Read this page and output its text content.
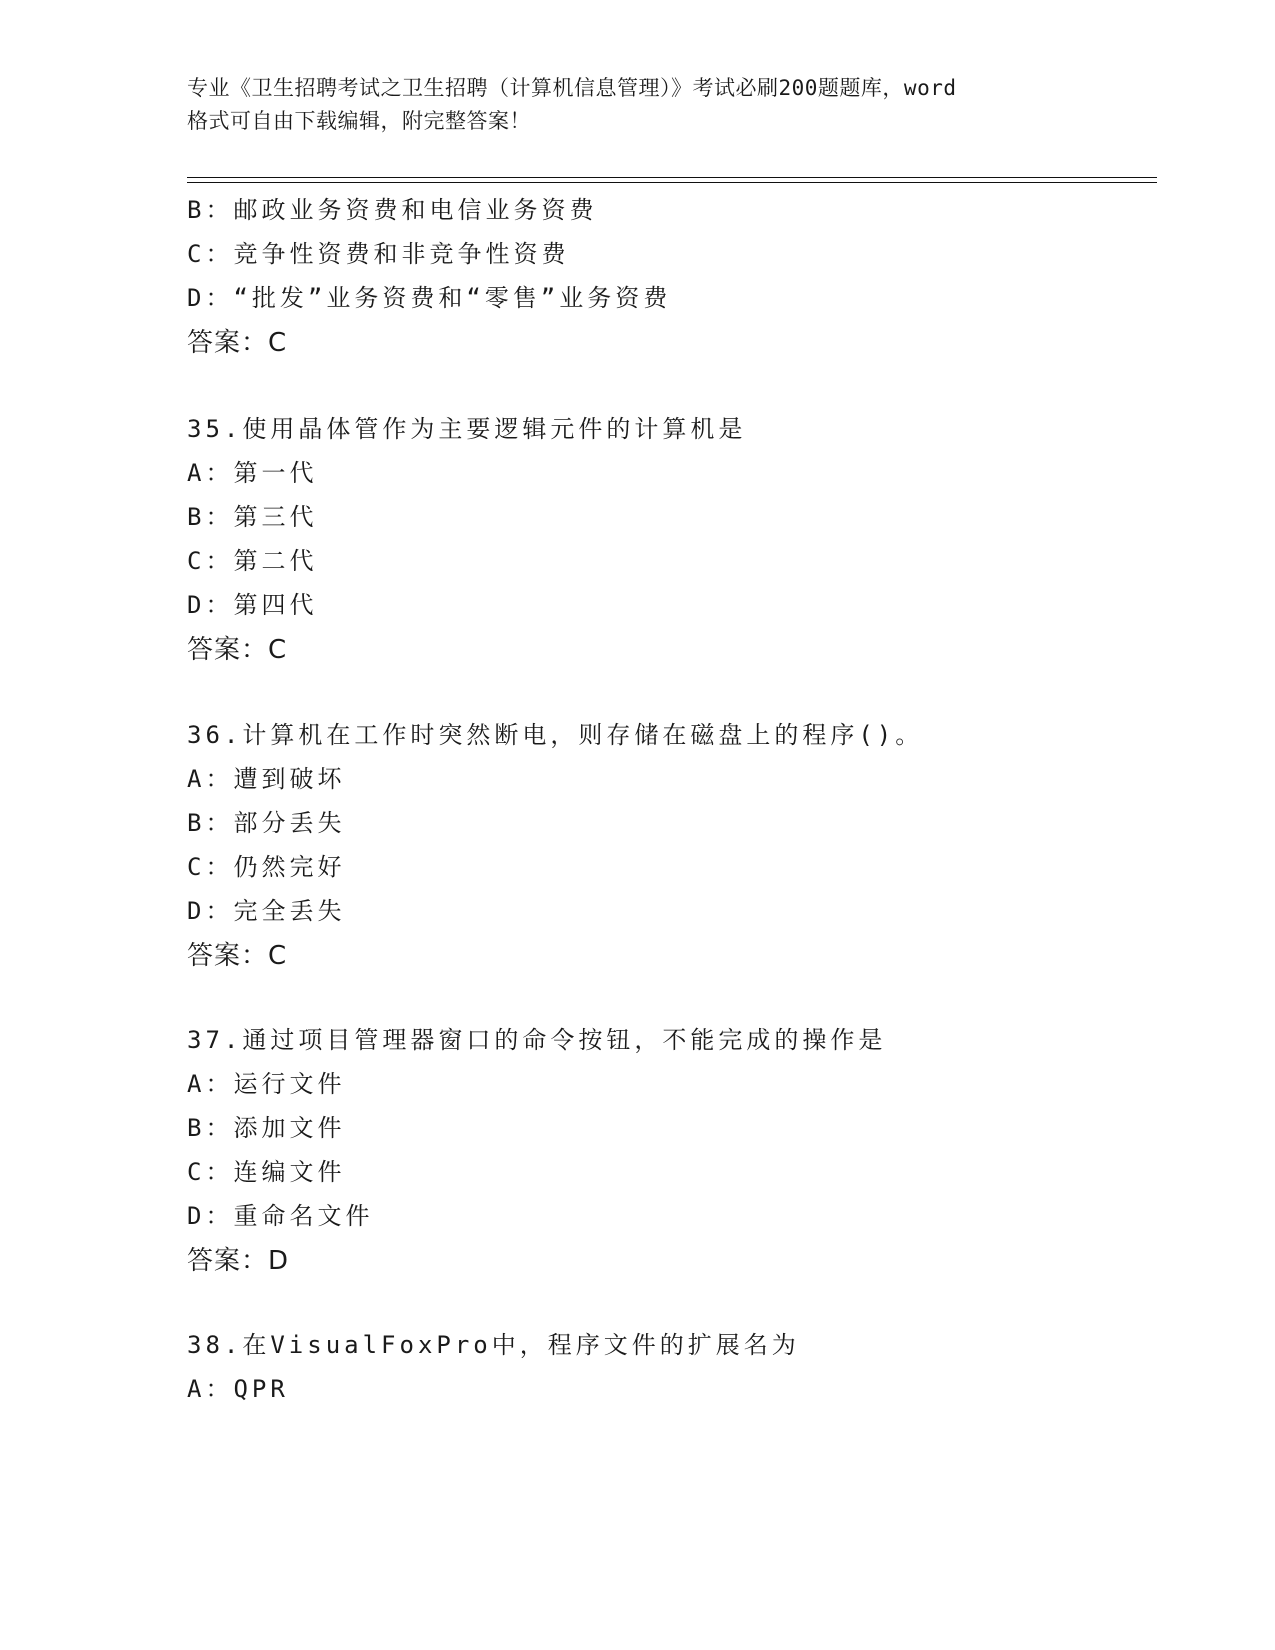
专业《卫生招聘考试之卫生招聘（计算机信息管理）》考试必刷200题题库，word
格式可自由下载编辑，附完整答案！
B：邮政业务资费和电信业务资费
C：竞争性资费和非竞争性资费
D：“批发”业务资费和“零售”业务资费
答案：C
35.使用晶体管作为主要逻辑元件的计算机是
A：第一代
B：第三代
C：第二代
D：第四代
答案：C
36.计算机在工作时突然断电，则存储在磁盘上的程序()。
A：遭到破坏
B：部分丢失
C：仍然完好
D：完全丢失
答案：C
37.通过项目管理器窗口的命令按钮，不能完成的操作是
A：运行文件
B：添加文件
C：连编文件
D：重命名文件
答案：D
38.在VisualFoxPro中，程序文件的扩展名为
A：QPR
